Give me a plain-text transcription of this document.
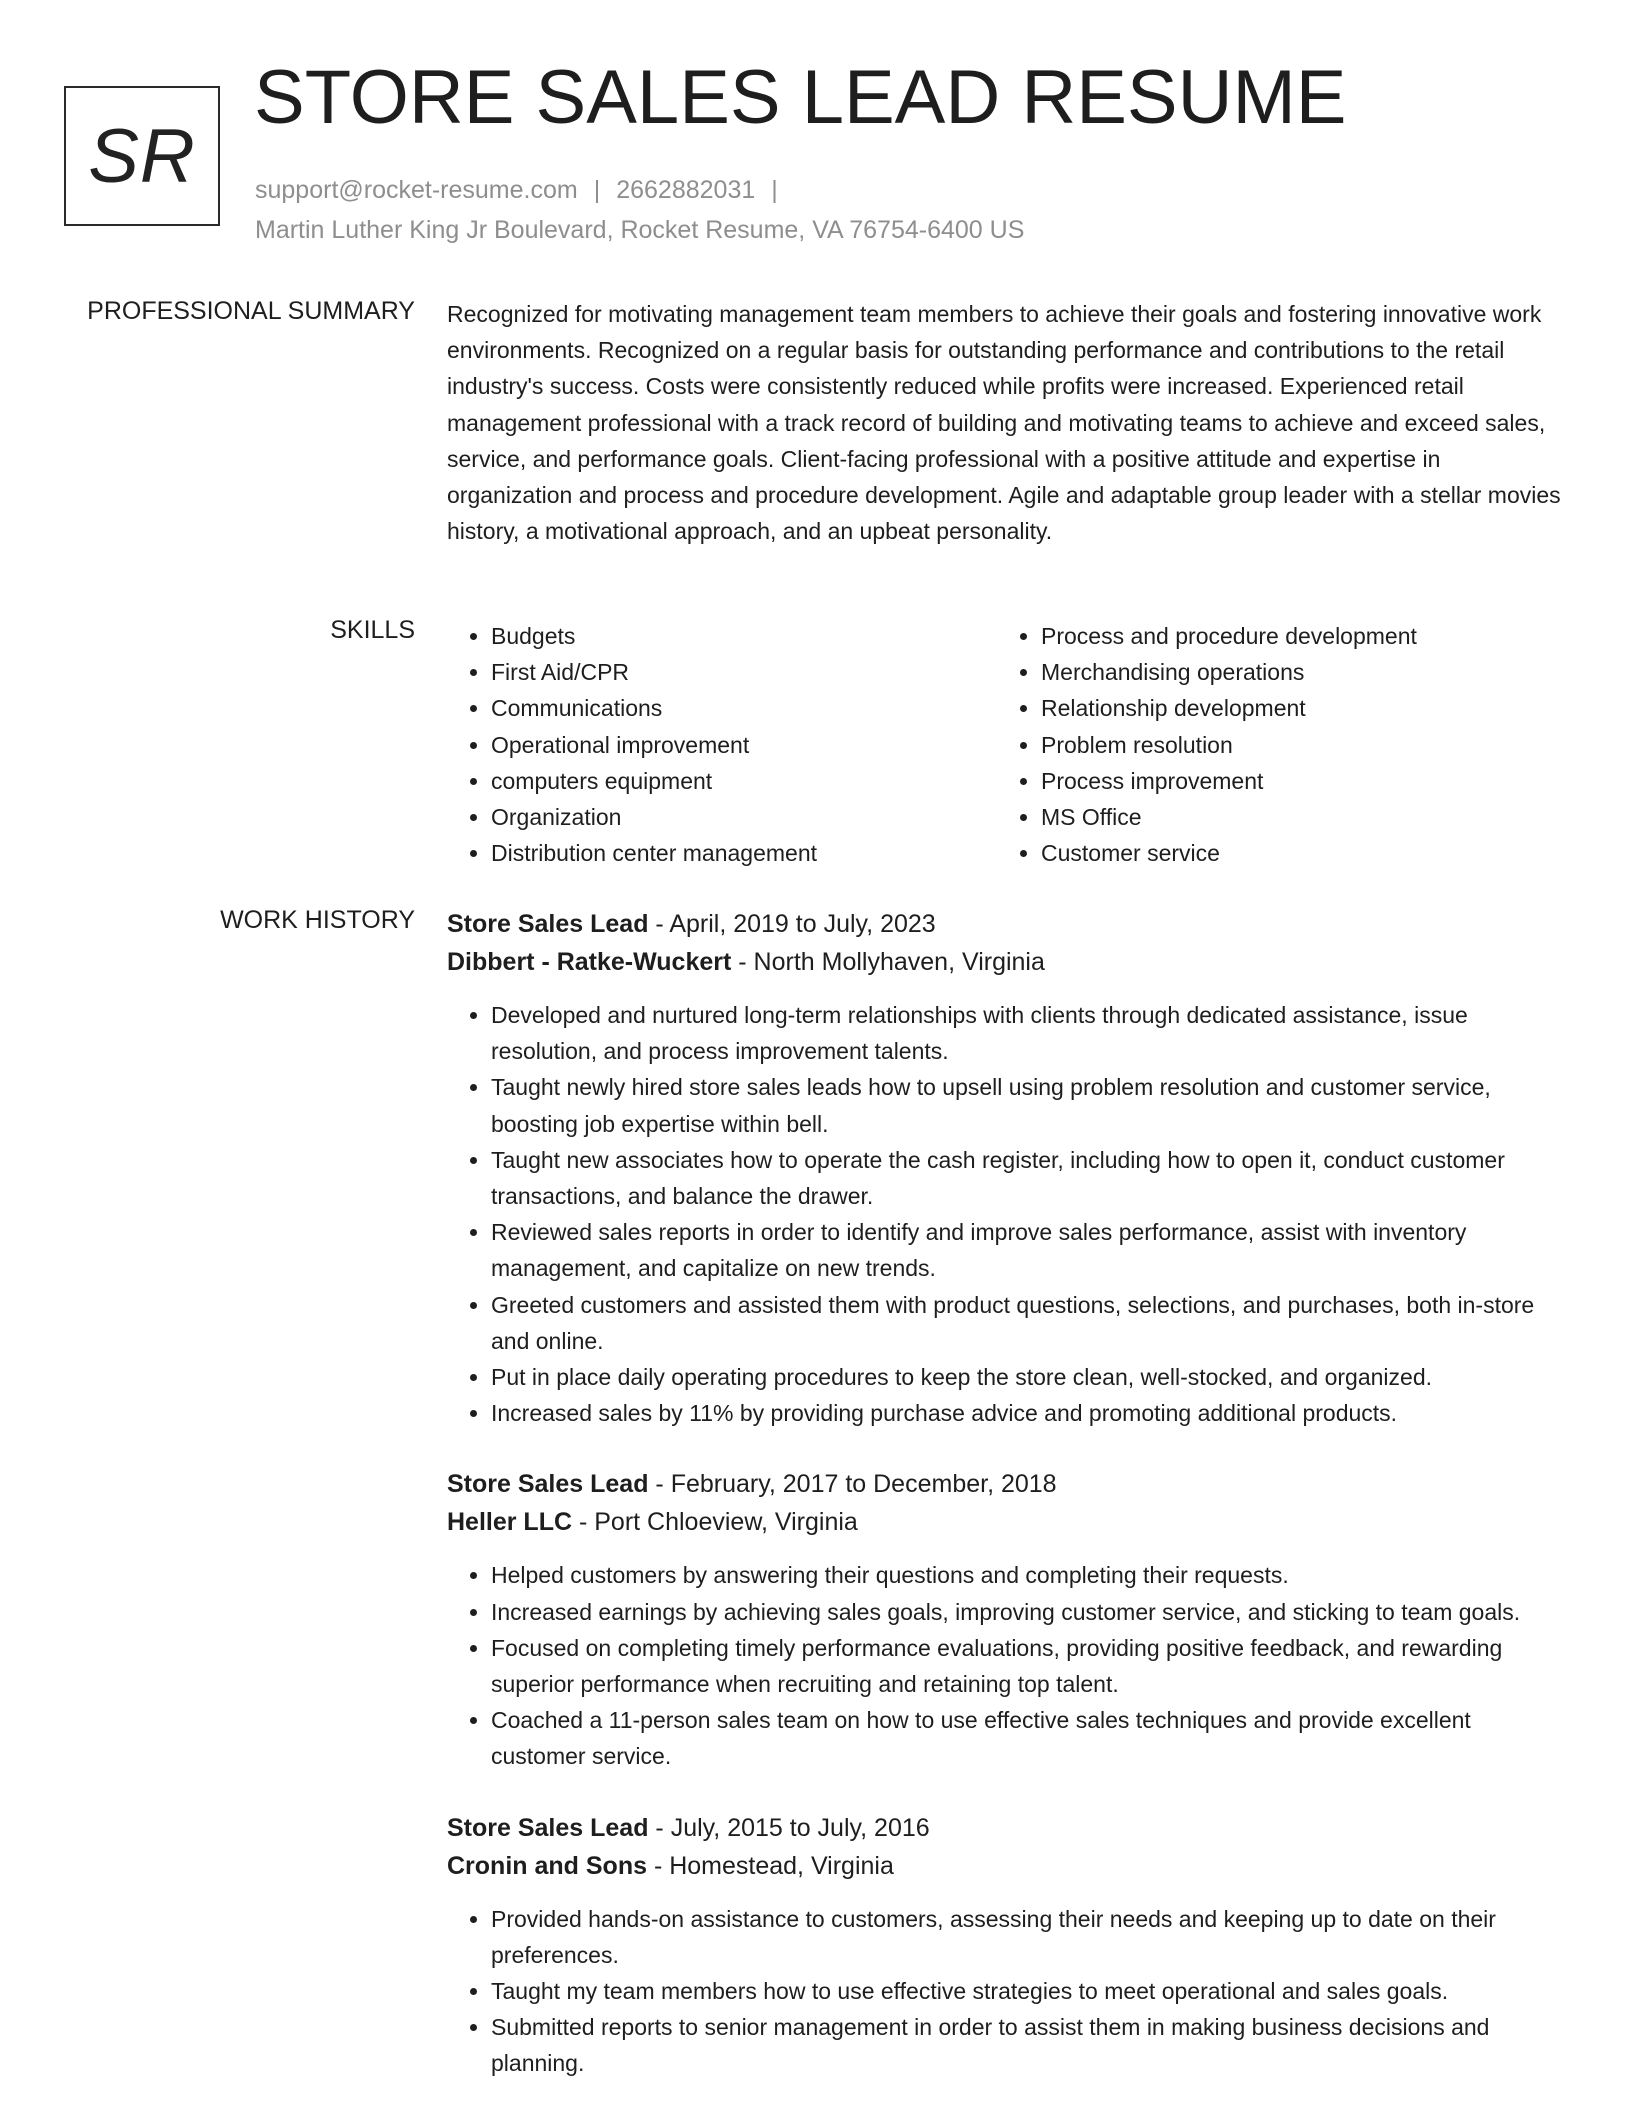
SR
STORE SALES LEAD RESUME
support@rocket-resume.com | 2662882031 |
Martin Luther King Jr Boulevard, Rocket Resume, VA 76754-6400 US
PROFESSIONAL SUMMARY Recognized for motivating management team members to achieve their goals and fostering innovative work environments. Recognized on a regular basis for outstanding performance and contributions to the retail industry's success. Costs were consistently reduced while profits were increased. Experienced retail management professional with a track record of building and motivating teams to achieve and exceed sales, service, and performance goals. Client-facing professional with a positive attitude and expertise in organization and process and procedure development. Agile and adaptable group leader with a stellar movies history, a motivational approach, and an upbeat personality.

SKILLS
•	Budgets
• First Aid/CPR
• Communications
• Operational improvement
• computers equipment
• Organization
• Distribution center management
• Process and procedure development
• Merchandising operations
• Relationship development
• Problem resolution
• Process improvement
• MS Office
• Customer service
WORK HISTORY Store Sales Lead - April, 2019 to July, 2023

Dibbert - Ratke-Wuckert - North Mollyhaven, Virginia

• Developed and nurtured long-term relationships with clients through dedicated assistance, issue resolution, and process improvement talents.
• Taught newly hired store sales leads how to upsell using problem resolution and customer service, boosting job expertise within bell.
• Taught new associates how to operate the cash register, including how to open it, conduct customer transactions, and balance the drawer.
• Reviewed sales reports in order to identify and improve sales performance, assist with inventory management, and capitalize on new trends.
• Greeted customers and assisted them with product questions, selections, and purchases, both in-store and online.
• Put in place daily operating procedures to keep the store clean, well-stocked, and organized.
• Increased sales by 11% by providing purchase advice and promoting additional products.

Store Sales Lead - February, 2017 to December, 2018

Heller LLC - Port Chloeview, Virginia

• Helped customers by answering their questions and completing their requests.
• Increased earnings by achieving sales goals, improving customer service, and sticking to team goals.
• Focused on completing timely performance evaluations, providing positive feedback, and rewarding superior performance when recruiting and retaining top talent.
• Coached a 11-person sales team on how to use effective sales techniques and provide excellent customer service.

Store Sales Lead - July, 2015 to July, 2016

Cronin and Sons - Homestead, Virginia

• Provided hands-on assistance to customers, assessing their needs and keeping up to date on their preferences.
• Taught my team members how to use effective strategies to meet operational and sales goals.
• Submitted reports to senior management in order to assist them in making business decisions and planning.
